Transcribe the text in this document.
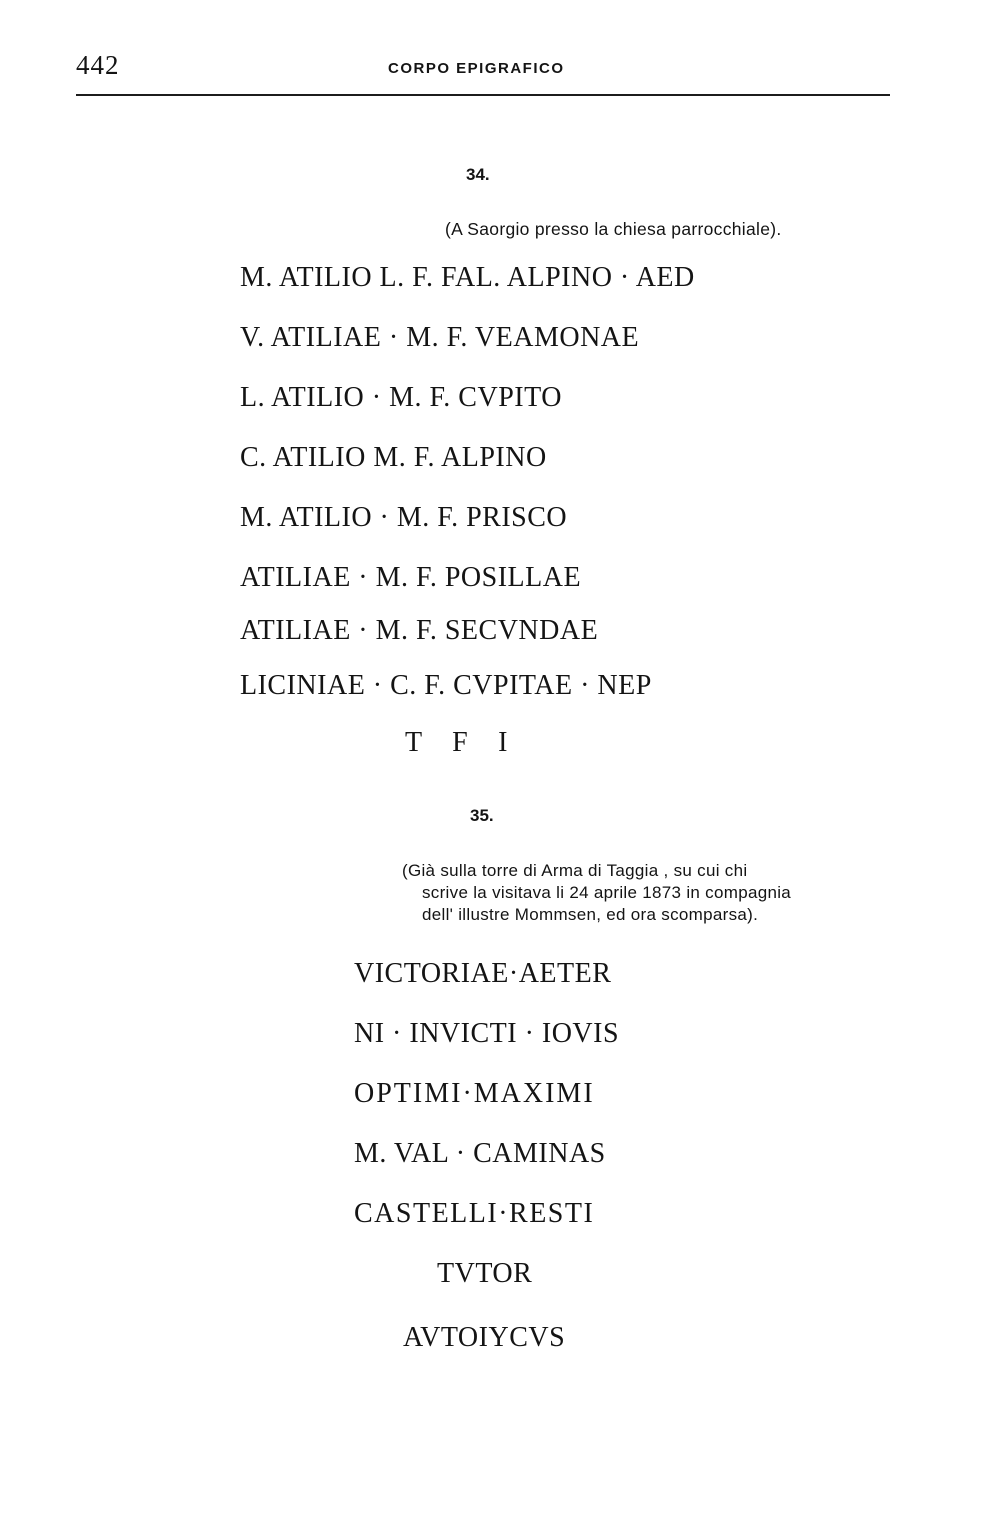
442	CORPO EPIGRAFICO
34.
(A Saorgio presso la chiesa parrocchiale).
M. ATILIO L. F. FAL. ALPINO · AED
V. ATILIAE · M. F. VEAMONAE
L. ATILIO · M. F. CVPITO
C. ATILIO M. F. ALPINO
M. ATILIO · M. F. PRISCO
ATILIAE · M. F. POSILLAE
ATILIAE · M. F. SECVNDAE
LICINIAE · C. F. CVPITAE · NEP
T    F    I
35.
(Già sulla torre di Arma di Taggia , su cui chi
scrive la visitava li 24 aprile 1873 in compagnia
dell' illustre Mommsen, ed ora scomparsa).
VICTORIAE·AETER
NI · INVICTI · IOVIS
OPTIMI·MAXIMI
M. VAL · CAMINAS
CASTELLI·RESTI
TVTOR
AVTOIYCVS
